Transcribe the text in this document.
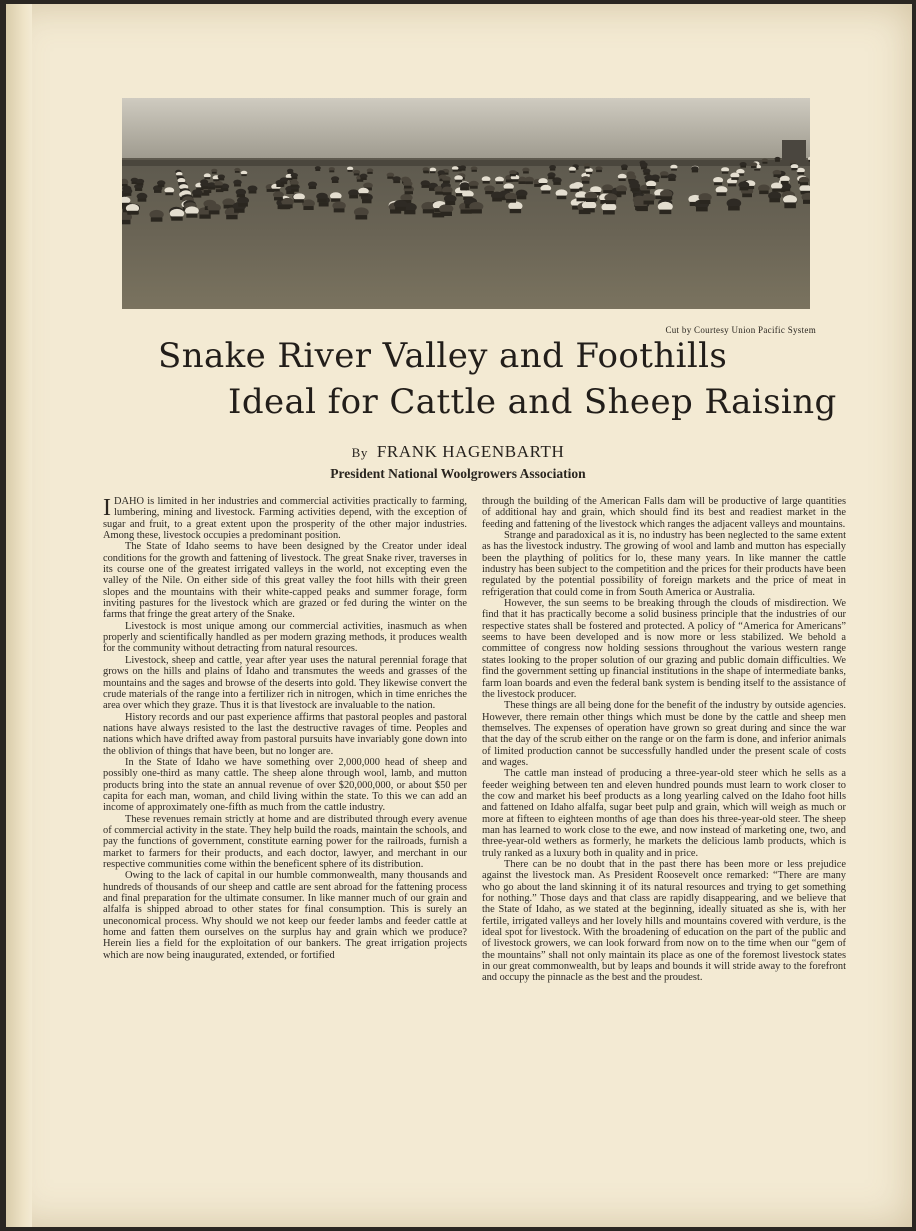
Cut by Courtesy Union Pacific System
Snake River Valley and Foothills
Ideal for Cattle and Sheep Raising
By FRANK HAGENBARTH
President National Woolgrowers Association

IDAHO is limited in her industries and commercial activities practically to farming, lumbering, mining and livestock. Farming activities depend, with the exception of sugar and fruit, to a great extent upon the prosperity of the other major industries. Among these, livestock occupies a predominant position.

The State of Idaho seems to have been designed by the Creator under ideal conditions for the growth and fattening of livestock. The great Snake river, traverses in its course one of the greatest irrigated valleys in the world, not excepting even the valley of the Nile. On either side of this great valley the foot hills with their green slopes and the mountains with their white-capped peaks and summer forage, form inviting pastures for the livestock which are grazed or fed during the winter on the farms that fringe the great artery of the Snake.

Livestock is most unique among our commercial activities, inasmuch as when properly and scientifically handled as per modern grazing methods, it produces wealth for the community without detracting from natural resources.

Livestock, sheep and cattle, year after year uses the natural perennial forage that grows on the hills and plains of Idaho and transmutes the weeds and grasses of the mountains and the sages and browse of the deserts into gold. They likewise convert the crude materials of the range into a fertilizer rich in nitrogen, which in time enriches the area over which they graze. Thus it is that livestock are invaluable to the nation.

History records and our past experience affirms that pastoral peoples and pastoral nations have always resisted to the last the destructive ravages of time. Peoples and nations which have drifted away from pastoral pursuits have invariably gone down into the oblivion of things that have been, but no longer are.

In the State of Idaho we have something over 2,000,000 head of sheep and possibly one-third as many cattle. The sheep alone through wool, lamb, and mutton products bring into the state an annual revenue of over $20,000,000, or about $50 per capita for each man, woman, and child living within the state. To this we can add an income of approximately one-fifth as much from the cattle industry.

These revenues remain strictly at home and are distributed through every avenue of commercial activity in the state. They help build the roads, maintain the schools, and pay the functions of government, constitute earning power for the railroads, furnish a market to farmers for their products, and each doctor, lawyer, and merchant in our respective communities come within the beneficent sphere of its distribution.

Owing to the lack of capital in our humble commonwealth, many thousands and hundreds of thousands of our sheep and cattle are sent abroad for the fattening process and final preparation for the ultimate consumer. In like manner much of our grain and alfalfa is shipped abroad to other states for final consumption. This is surely an uneconomical process. Why should we not keep our feeder lambs and feeder cattle at home and fatten them ourselves on the surplus hay and grain which we produce? Herein lies a field for the exploitation of our bankers. The great irrigation projects which are now being inaugurated, extended, or fortified

through the building of the American Falls dam will be productive of large quantities of additional hay and grain, which should find its best and readiest market in the feeding and fattening of the livestock which ranges the adjacent valleys and mountains.

Strange and paradoxical as it is, no industry has been neglected to the same extent as has the livestock industry. The growing of wool and lamb and mutton has especially been the plaything of politics for lo, these many years. In like manner the cattle industry has been subject to the competition and the prices for their products have been regulated by the potential possibility of foreign markets and the price of meat in refrigeration that could come in from South America or Australia.

However, the sun seems to be breaking through the clouds of misdirection. We find that it has practically become a solid business principle that the industries of our respective states shall be fostered and protected. A policy of “America for Americans” seems to have been developed and is now more or less stabilized. We behold a committee of congress now holding sessions throughout the various western range states looking to the proper solution of our grazing and public domain difficulties. We find the government setting up financial institutions in the shape of intermediate banks, farm loan boards and even the federal bank system is bending itself to the assistance of the livestock producer.

These things are all being done for the benefit of the industry by outside agencies. However, there remain other things which must be done by the cattle and sheep men themselves. The expenses of operation have grown so great during and since the war that the day of the scrub either on the range or on the farm is done, and inferior animals of limited production cannot be successfully handled under the present scale of costs and wages.

The cattle man instead of producing a three-year-old steer which he sells as a feeder weighing between ten and eleven hundred pounds must learn to work closer to the cow and market his beef products as a long yearling calved on the Idaho foot hills and fattened on Idaho alfalfa, sugar beet pulp and grain, which will weigh as much or more at fifteen to eighteen months of age than does his three-year-old steer. The sheep man has learned to work close to the ewe, and now instead of marketing one, two, and three-year-old wethers as formerly, he markets the delicious lamb products, which is truly ranked as a luxury both in quality and in price.

There can be no doubt that in the past there has been more or less prejudice against the livestock man. As President Roosevelt once remarked: “There are many who go about the land skinning it of its natural resources and trying to get something for nothing.” Those days and that class are rapidly disappearing, and we believe that the State of Idaho, as we stated at the beginning, ideally situated as she is, with her fertile, irrigated valleys and her lovely hills and mountains covered with verdure, is the ideal spot for livestock. With the broadening of education on the part of the public and of livestock growers, we can look forward from now on to the time when our “gem of the mountains” shall not only maintain its place as one of the foremost livestock states in our great commonwealth, but by leaps and bounds it will stride away to the forefront and occupy the pinnacle as the best and the proudest.
